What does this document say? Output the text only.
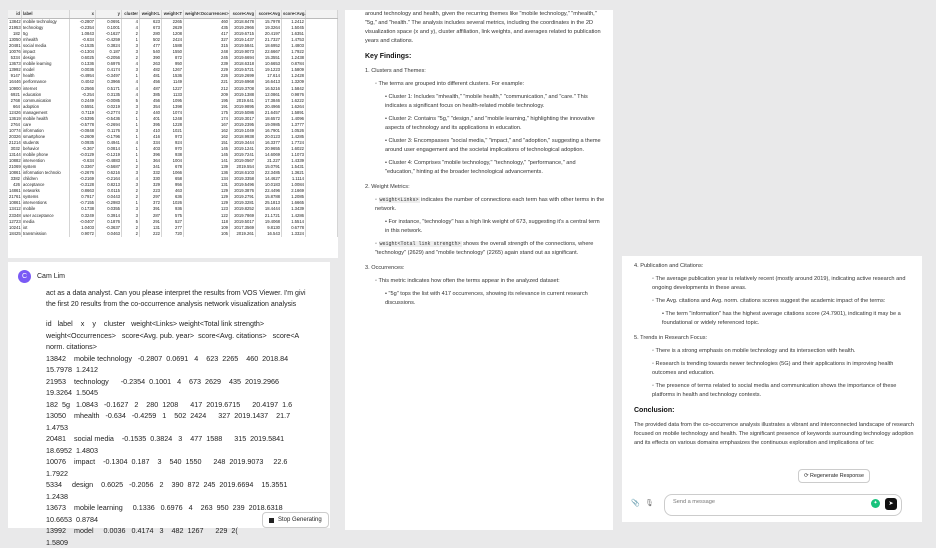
id label	x	y	cluster weight<L weight<T weight<Occurrences> score<Avg	score<Avg score<Avg.
13842 mobile technology	-0.2807	0.0691	4	623	2265	460	2018.8478	15.7978	1.2412
21953 technology	-0.2354	0.1001	4	673	2629	435	2019.2966	19.3264	1.5045
182 5g	1.0843	-0.1627	2	280	1208	417	2019.6715	20.4197	1.6351
13050 mhealth	-0.634	-0.4259	1	502	2424	327	2019.1437	21.7327	1.4753
20481 social media	-0.1535	0.3824	3	477	1588	315	2019.5841	18.6952	1.4803
10076 impact	-0.1304	0.187	3	540	1550	248	2019.9073	22.6667	1.7922
5334 design	0.6025	-0.2056	2	390	872	245	2019.6694	15.3551	1.2438
13673 mobile learning	0.1336	0.6976	4	263	950	239	2018.6318	10.6653	0.8784
13992 model	0.0036	0.4174	3	482	1267	229	2019.5721	19.1223	1.5809
9147 health	-0.4954	-0.3497	1	481	1536	226	2019.2699	17.614	1.2428
16446 performance	0.4042	0.3966	4	456	1149	221	2019.6968	16.6413	1.3209
10900 internet	0.2566	0.5171	4	487	1227	212	2019.3708	16.5216	1.5842
6921 education	-0.254	0.3135	4	385	1133	209	2019.1388	12.0861	0.9876
2768 communication	0.2449	-0.0085	5	456	1095	195	2019.641	17.3846	1.6222
664 adoption	0.5551	0.0219	3	354	1398	191	2019.9895	20.4966	1.6264
12426 management	0.7119	-0.2774	2	440	1074	175	2019.5086	21.6457	1.5891
13619 mobile health	-0.5395	-0.5436	1	401	1248	174	2019.3017	18.6572	1.4096
2764 care	-0.5778	-0.2694	1	395	1228	167	2019.2395	19.0985	1.3777
10774 information	-0.0848	0.1176	3	410	1021	162	2019.1049	16.7901	1.0526
20326 smartphone	-0.2609	-0.1796	1	416	973	162	2018.9938	20.0123	1.4285
21214 students	0.0935	0.4941	4	334	924	151	2019.3444	16.3377	1.7724
3032 behavior	-0.367	0.0814	1	403	970	145	2019.1241	20.9655	1.6022
13144 mobile phone	-0.0129	-0.1219	1	396	938	145	2019.7241	14.6069	1.1073
10882 intervention	-0.634	-0.4883	1	364	1004	141	2019.0567	21.227	1.4339
21069 system	0.3367	-0.5687	2	341	678	139	2019.554	15.0791	1.5431
10861 information technolo	-0.2676	0.6216	3	332	1066	136	2018.6103	22.3485	1.3621
3382 children	-0.2169	-0.2164	4	330	658	134	2019.3358	14.4627	1.1114
426 acceptance	-0.3128	0.8213	3	329	956	131	2019.5496	10.0183	1.0084
14861 networks	0.8663	0.0115	2	223	463	129	2019.3876	22.4496	2.1669
21761 systems	0.7917	0.0443	2	297	636	129	2019.2791	15.8788	1.2085
10861 interventions	-0.7155	-0.2983	1	372	1026	129	2019.3281	25.1813	1.6665
13412 mobile	0.1738	0.0355	3	391	936	123	2019.8252	18.4444	1.3439
23348 user acceptance	0.3249	0.3914	3	287	575	122	2019.7869	21.1721	1.4286
12723 media	-0.0407	0.1876	5	291	527	118	2019.5017	19.4068	1.5514
10241 iot	1.0403	-0.3637	2	131	277	109	2017.3569	9.8130	0.6778
18425 transmission	0.9072	0.0463	2	222	720	105	2019.261	16.543	1.3324
C	Cam Lim
act as a data analyst. Can you please interpret the results from VOS Viewer. I'm givi
the first 20 results from the co-occurrence analysis network visualization analysis
id   label    x    y    cluster   weight<Links> weight<Total link strength>
weight<Occurrences>   score<Avg. pub. year>  score<Avg. citations>   score<A
norm. citations>
13842    mobile technology   -0.2807  0.0691   4    623  2265    460  2018.84
15.7978  1.2412
21953    technology      -0.2354  0.1001   4    673  2629    435  2019.2966
19.3264  1.5045
182  5g   1.0843   -0.1627   2    280  1208      417  2019.6715      20.4197  1.6
13050    mhealth   -0.634   -0.4259   1    502  2424      327  2019.1437    21.7
1.4753
20481    social media    -0.1535  0.3824   3    477  1588      315  2019.5841
18.6952  1.4803
10076    impact    -0.1304  0.187    3    540  1550      248  2019.9073     22.6
1.7922
5334     design    0.6025   -0.2056   2    390  872  245  2019.6694    15.3551
1.2438
13673    mobile learning     0.1336   0.6976   4    263  950  239  2018.6318
10.6653  0.8784
13992    model     0.0036   0.4174   3    482  1267      229  2(
1.5809
Stop Generating

around technology and health, given the recurring themes like "mobile technology," "mhealth," "5g," and "health." The analysis includes several metrics, including the coordinates in the 2D visualization space (x and y), cluster affiliation, link weights, and averages related to publication years and citations.

Key Findings:
1. Clusters and Themes:
◦ The terms are grouped into different clusters. For example:
• Cluster 1: Includes "mhealth," "mobile health," "communication," and "care." This indicates a significant focus on health-related mobile technology.
• Cluster 2: Contains "5g," "design," and "mobile learning," highlighting the innovative aspects of technology and its applications in education.
• Cluster 3: Encompasses "social media," "impact," and "adoption," suggesting a theme around user engagement and the societal implications of technological adoption.
• Cluster 4: Comprises "mobile technology," "technology," "performance," and "education," hinting at the broader technological advancements.
2. Weight Metrics:
◦ weight<Links> indicates the number of connections each term has with other terms in the network.
• For instance, "technology" has a high link weight of 673, suggesting it's a central term in this network.
◦ weight<Total link strength> shows the overall strength of the connections, where "technology" (2629) and "mobile technology" (2265) again stand out as significant.
3. Occurrences:
◦ This metric indicates how often the terms appear in the analyzed dataset:
• "5g" tops the list with 417 occurrences, showing its relevance in current research discussions.
4. Publication and Citations:
◦ The average publication year is relatively recent (mostly around 2019), indicating active research and ongoing developments in these areas.
◦ The Avg. citations and Avg. norm. citations scores suggest the academic impact of the terms:
• The term "information" has the highest average citations score (24.7901), indicating it may be a foundational or widely referenced topic.
5. Trends in Research Focus:
◦ There is a strong emphasis on mobile technology and its intersection with health.
◦ Research is trending towards newer technologies (5G) and their applications in improving health outcomes and education.
◦ The presence of terms related to social media and communication shows the importance of these platforms in health and technology contexts.
Conclusion:

The provided data from the co-occurrence analysis illustrates a vibrant and interconnected landscape of research focused on mobile technology and health. The significant presence of keywords surrounding technology adoption and its effects on various domains emphasizes the continuous exploration and implications of tec

⟳ Regenerate Response
📎 🎙
Send a message	✦	➤
